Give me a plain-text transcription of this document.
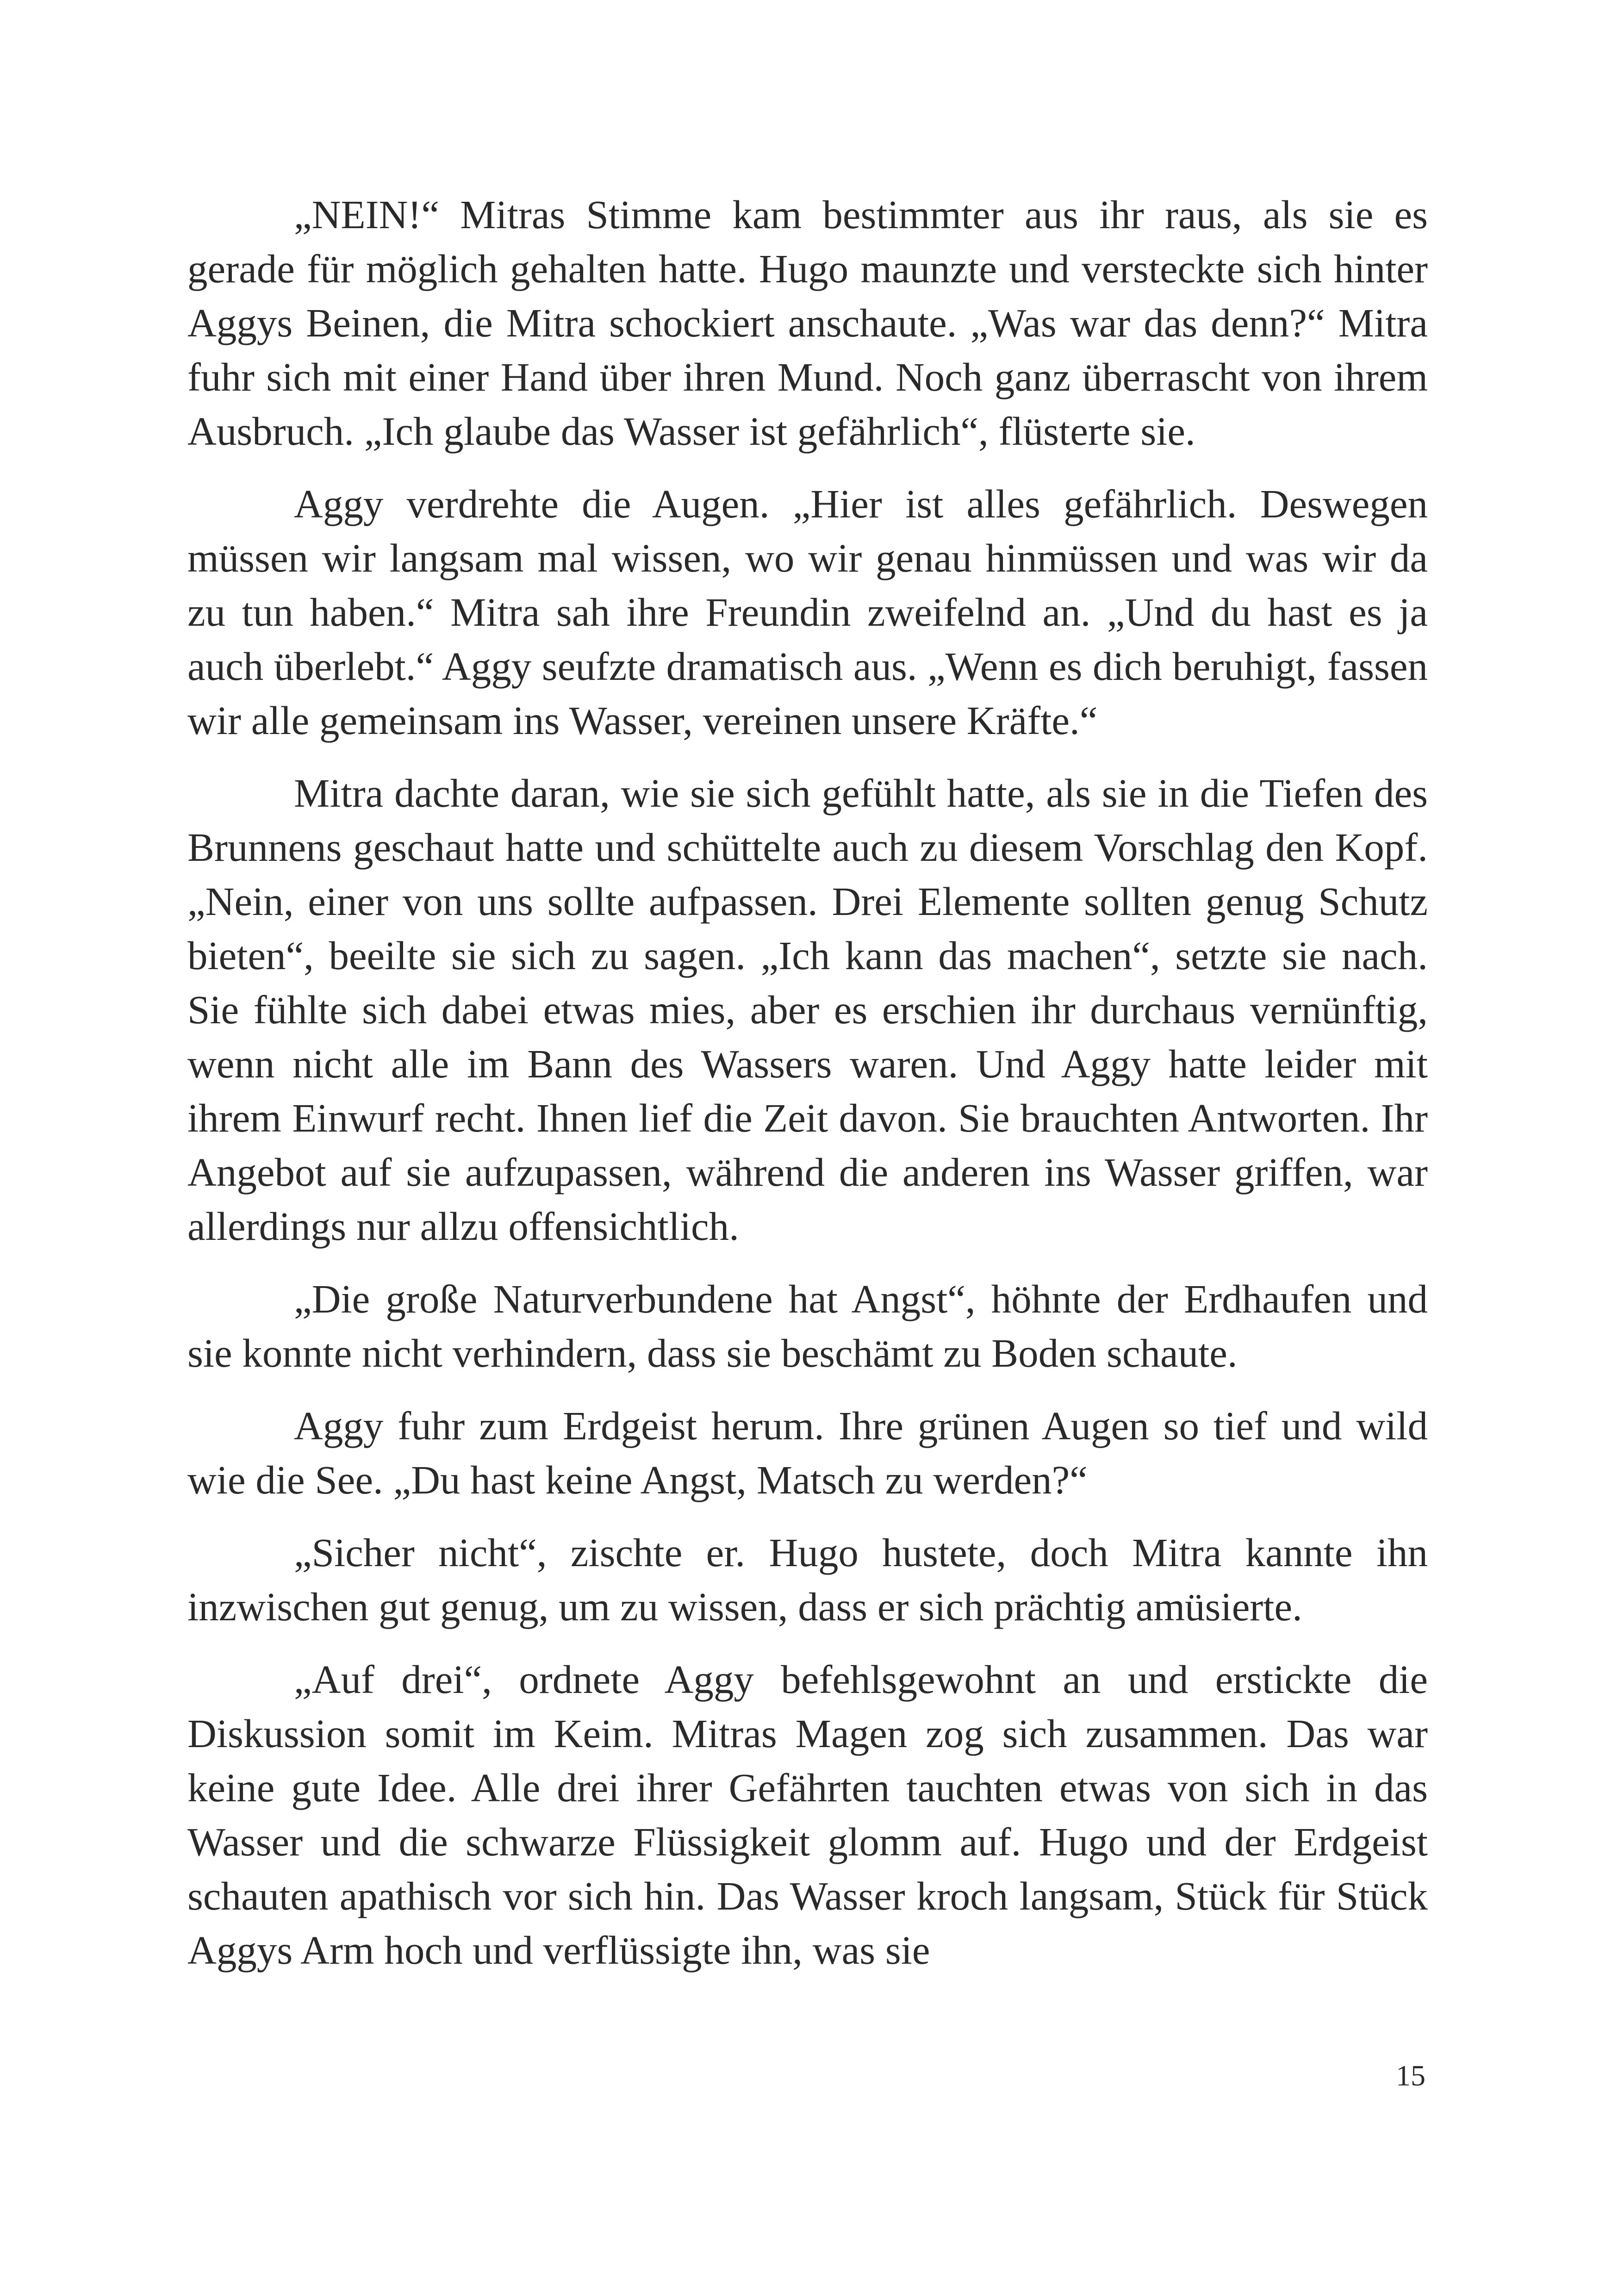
„NEIN!“ Mitras Stimme kam bestimmter aus ihr raus, als sie es gerade für möglich gehalten hatte. Hugo maunzte und versteckte sich hinter Aggys Beinen, die Mitra schockiert anschaute. „Was war das denn?“ Mitra fuhr sich mit einer Hand über ihren Mund. Noch ganz überrascht von ihrem Ausbruch. „Ich glaube das Wasser ist gefährlich“, flüsterte sie.

Aggy verdrehte die Augen. „Hier ist alles gefährlich. Deswegen müssen wir langsam mal wissen, wo wir genau hinmüssen und was wir da zu tun haben.“ Mitra sah ihre Freundin zweifelnd an. „Und du hast es ja auch überlebt.“ Aggy seufzte dramatisch aus. „Wenn es dich beruhigt, fassen wir alle gemeinsam ins Wasser, vereinen unsere Kräfte.“

Mitra dachte daran, wie sie sich gefühlt hatte, als sie in die Tiefen des Brunnens geschaut hatte und schüttelte auch zu diesem Vorschlag den Kopf. „Nein, einer von uns sollte aufpassen. Drei Elemente sollten genug Schutz bieten“, beeilte sie sich zu sagen. „Ich kann das machen“, setzte sie nach. Sie fühlte sich dabei etwas mies, aber es erschien ihr durchaus vernünftig, wenn nicht alle im Bann des Wassers waren. Und Aggy hatte leider mit ihrem Einwurf recht. Ihnen lief die Zeit davon. Sie brauchten Antworten. Ihr Angebot auf sie aufzupassen, während die anderen ins Wasser griffen, war allerdings nur allzu offensichtlich.

„Die große Naturverbundene hat Angst“, höhnte der Erdhaufen und sie konnte nicht verhindern, dass sie beschämt zu Boden schaute.

Aggy fuhr zum Erdgeist herum. Ihre grünen Augen so tief und wild wie die See. „Du hast keine Angst, Matsch zu werden?“

„Sicher nicht“, zischte er. Hugo hustete, doch Mitra kannte ihn inzwischen gut genug, um zu wissen, dass er sich prächtig amüsierte.

„Auf drei“, ordnete Aggy befehlsgewohnt an und erstickte die Diskussion somit im Keim. Mitras Magen zog sich zusammen. Das war keine gute Idee. Alle drei ihrer Gefährten tauchten etwas von sich in das Wasser und die schwarze Flüssigkeit glomm auf. Hugo und der Erdgeist schauten apathisch vor sich hin. Das Wasser kroch langsam, Stück für Stück Aggys Arm hoch und verflüssigte ihn, was sie

15
